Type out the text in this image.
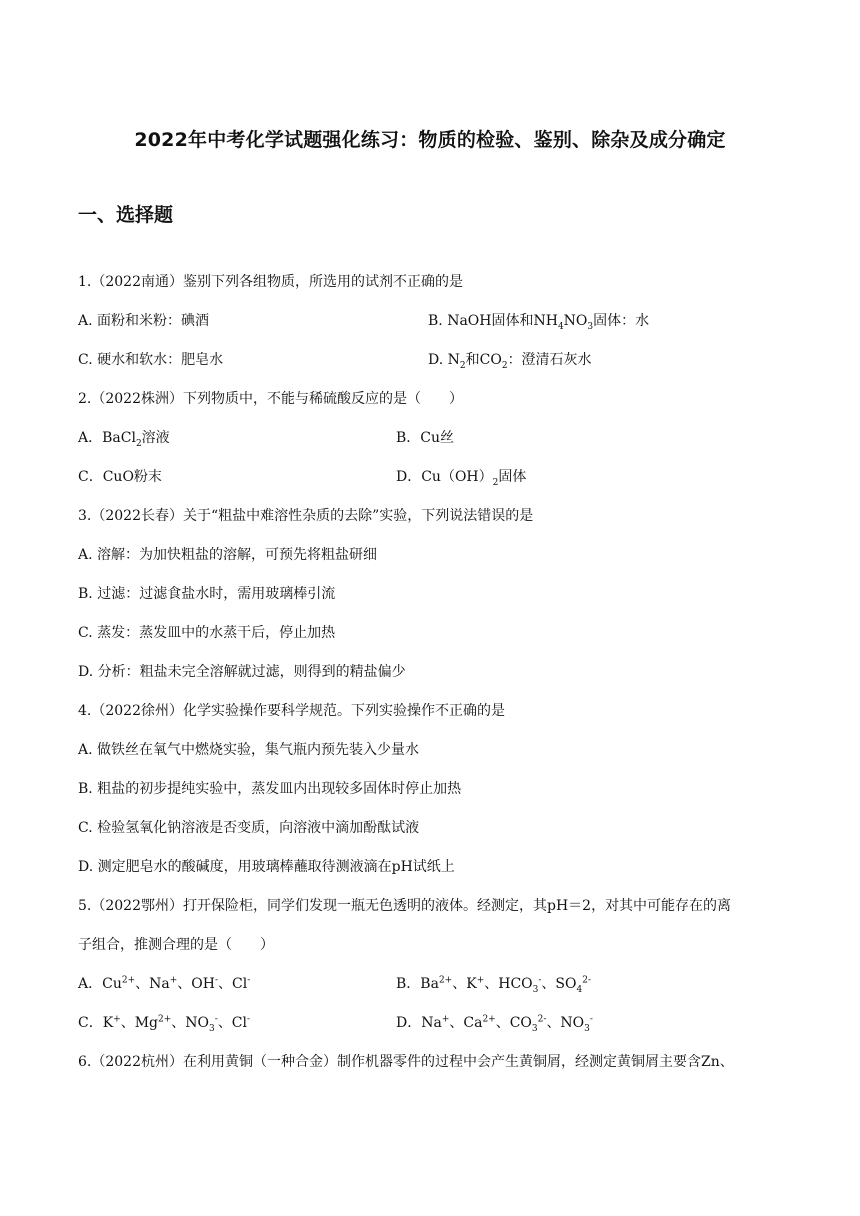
2022年中考化学试题强化练习：物质的检验、鉴别、除杂及成分确定
一、选择题
1.（2022南通）鉴别下列各组物质，所选用的试剂不正确的是
A. 面粉和米粉：碘酒	B. NaOH固体和$NH_4NO_3$固体：水
C. 硬水和软水：肥皂水	D. $N_2$和$CO_2$：澄清石灰水
2.（2022株洲）下列物质中，不能与稀硫酸反应的是（　　）
A．BaCl$_2$溶液	B．Cu丝
C．CuO粉末	D．$Cu(OH)_2$固体
3.（2022长春）关于“粗盐中难溶性杂质的去除”实验，下列说法错误的是
A. 溶解：为加快粗盐的溶解，可预先将粗盐研细
B. 过滤：过滤食盐水时，需用玻璃棒引流
C. 蒸发：蒸发皿中的水蒸干后，停止加热
D. 分析：粗盐未完全溶解就过滤，则得到的精盐偏少
4.（2022徐州）化学实验操作要科学规范。下列实验操作不正确的是
A. 做铁丝在氧气中燃烧实验，集气瓶内预先装入少量水
B. 粗盐的初步提纯实验中，蒸发皿内出现较多固体时停止加热
C. 检验氢氧化钠溶液是否变质，向溶液中滴加酚酞试液
D. 测定肥皂水的酸碱度，用玻璃棒蘸取待测液滴在pH试纸上
5.（2022鄂州）打开保险柜，同学们发现一瓶无色透明的液体。经测定，其pH＝2，对其中可能存在的离
子组合，推测合理的是（　　）
A．$Cu^{2+}$、Na+、OH-、Cl-	B．$Ba^{2+}$、K+、$HCO_3^-$、$SO_4^{2-}$
C．K+、$Mg^{2+}$、$NO_3^-$、Cl-	D．Na+、$Ca^{2+}$、$CO_3^{2-}$、$NO_3^-$
6.（2022杭州）在利用黄铜（一种合金）制作机器零件的过程中会产生黄铜屑，经测定黄铜屑主要含Zn、
